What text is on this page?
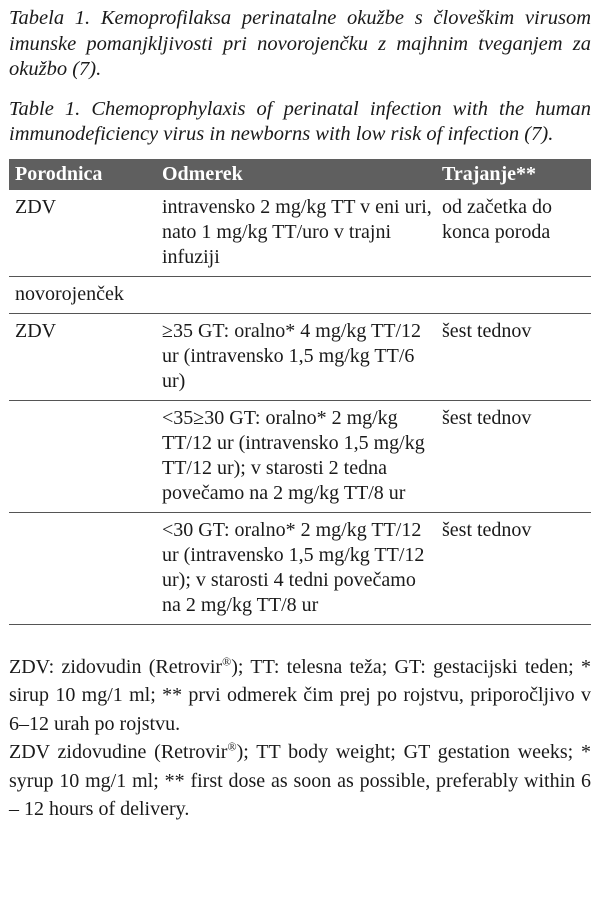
Tabela 1. Kemoprofilaksa perinatalne okužbe s človeškim virusom imunske pomanjkljivosti pri novorojenčku z majhnim tveganjem za okužbo (7).

Table 1. Chemoprophylaxis of perinatal infection with the human immunodeficiency virus in newborns with low risk of infection (7).

Porodnica	Odmerek	Trajanje**
ZDV	intravensko 2 mg/kg TT v eni uri, nato 1 mg/kg TT/uro v trajni infuziji	od začetka do konca poroda
novorojenček		
ZDV	≥35 GT: oralno* 4 mg/kg TT/12 ur (intravensko 1,5 mg/kg TT/6 ur)	šest tednov
	<35≥30 GT: oralno* 2 mg/kg TT/12 ur (intravensko 1,5 mg/kg TT/12 ur); v starosti 2 tedna povečamo na 2 mg/kg TT/8 ur	šest tednov
	<30 GT: oralno* 2 mg/kg TT/12 ur (intravensko 1,5 mg/kg TT/12 ur); v starosti 4 tedni povečamo na 2 mg/kg TT/8 ur	šest tednov

ZDV: zidovudin (Retrovir®); TT: telesna teža; GT: gestacijski teden; * sirup 10 mg/1 ml; ** prvi odmerek čim prej po rojstvu, priporočljivo v 6–12 urah po rojstvu.

ZDV zidovudine (Retrovir®); TT body weight; GT gestation weeks; * syrup 10 mg/1 ml; ** first dose as soon as possible, preferably within 6 – 12 hours of delivery.
